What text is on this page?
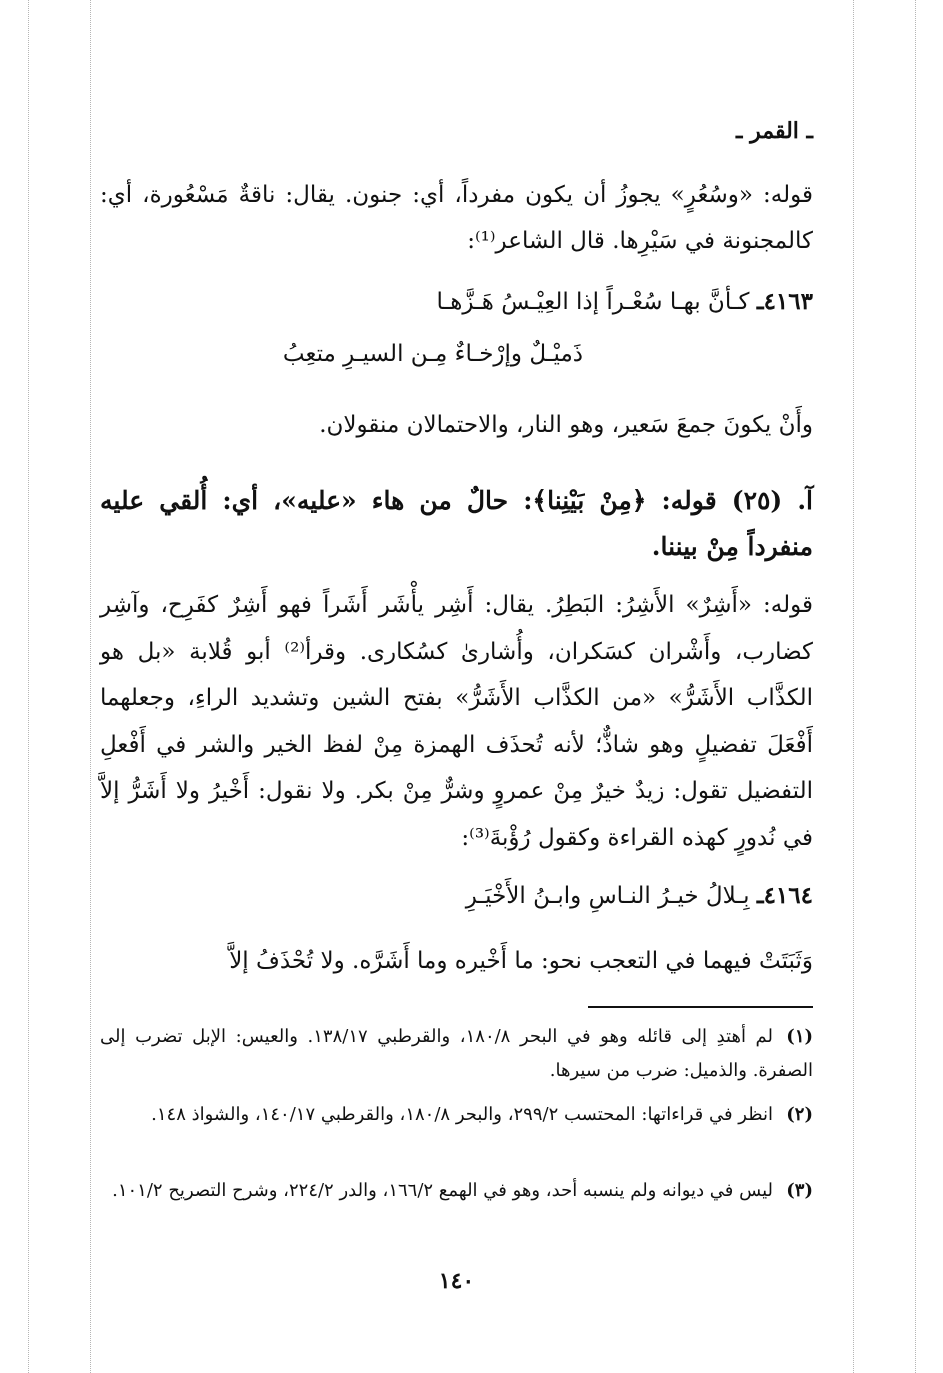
ـ القمر ـ
قوله: «وسُعُرٍ» يجوزُ أن يكون مفرداً، أي: جنون. يقال: ناقةٌ مَسْعُورة، أي: كالمجنونة في سَيْرِها. قال الشاعر⁽¹⁾:
٤١٦٣ـ كـأنَّ بهـا سُعْـراً إذا العِيْـسُ هَـزَّهـا
ذَميْـلٌ وإرْخـاءٌ مِـن السيـرِ متعِبُ
وأَنْ يكونَ جمعَ سَعير، وهو النار، والاحتمالان منقولان.
آ. (٢٥) قوله: ﴿مِنْ بَيْنِنا﴾: حالٌ من هاء «عليه»، أي: أُلقي عليه منفرداً مِنْ بيننا.
قوله: «أَشِرٌ» الأَشِرُ: البَطِرُ. يقال: أَشِر يأْشَر أَشَراً فهو أَشِرٌ كفَرِح، وآشِر كضارب، وأَشْران كسَكران، وأُشارىٰ كسُكارى. وقرأ⁽²⁾ أبو قُلابة «بل هو الكذَّاب الأَشَرُّ» «من الكذَّاب الأَشَرُّ» بفتح الشين وتشديد الراءِ، وجعلهما أَفْعَلَ تفضيلٍ وهو شاذٌّ؛ لأنه تُحذَف الهمزة مِنْ لفظ الخير والشر في أَفْعلِ التفضيل تقول: زيدٌ خيرٌ مِنْ عمروٍ وشرٌّ مِنْ بكر. ولا نقول: أَخْيرُ ولا أَشَرُّ إلاَّ في نُدورٍ كهذه القراءة وكقول رُؤْبةَ⁽³⁾:
٤١٦٤ـ بِـلالُ خيـرُ النـاسِ وابـنُ الأَخْيَـرِ
وَثَبَتَتْ فيهما في التعجب نحو: ما أَخْيره وما أَشَرَّه. ولا تُحْذَفُ إلاَّ
(١)لم أهتدِ إلى قائله وهو في البحر ١٨٠/٨، والقرطبي ١٣٨/١٧. والعيس: الإبل تضرب إلى الصفرة. والذميل: ضرب من سيرها.
(٢)انظر في قراءاتها: المحتسب ٢٩٩/٢، والبحر ١٨٠/٨، والقرطبي ١٤٠/١٧، والشواذ ١٤٨.
(٣)ليس في ديوانه ولم ينسبه أحد، وهو في الهمع ١٦٦/٢، والدر ٢٢٤/٢، وشرح التصريح ١٠١/٢.
١٤٠
